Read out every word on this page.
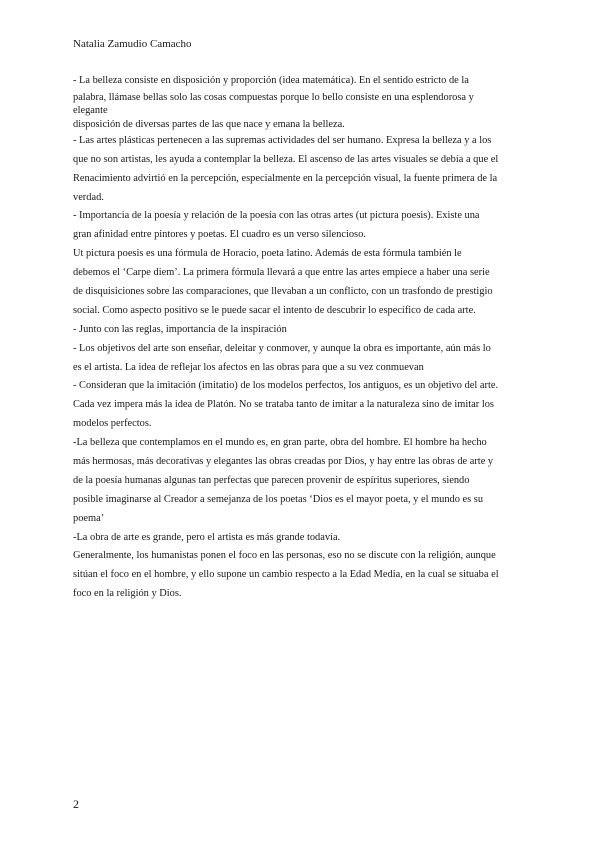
Natalia Zamudio Camacho
- La belleza consiste en disposición y proporción (idea matemática). En el sentido estricto de la
palabra, llámase bellas solo las cosas compuestas porque lo bello consiste en una esplendorosa y
elegante
disposición de diversas partes de las que nace y emana la belleza.
- Las artes plásticas pertenecen a las supremas actividades del ser humano. Expresa la belleza y a los
que no son artistas, les ayuda a contemplar la belleza. El ascenso de las artes visuales se debía a que el
Renacimiento advirtió en la percepción, especialmente en la percepción visual, la fuente primera de la
verdad.
- Importancia de la poesía y relación de la poesía con las otras artes (ut pictura poesis). Existe una
gran afinidad entre pintores y poetas. El cuadro es un verso silencioso.
Ut pictura poesis es una fórmula de Horacio, poeta latino. Además de esta fórmula también le
debemos el ‘Carpe diem’. La primera fórmula llevará a que entre las artes empiece a haber una serie
de disquisiciones sobre las comparaciones, que llevaban a un conflicto, con un trasfondo de prestigio
social. Como aspecto positivo se le puede sacar el intento de descubrir lo específico de cada arte.
- Junto con las reglas, importancia de la inspiración
- Los objetivos del arte son enseñar, deleitar y conmover, y aunque la obra es importante, aún más lo
es el artista. La idea de reflejar los afectos en las obras para que a su vez conmuevan
- Consideran que la imitación (imitatio) de los modelos perfectos, los antiguos, es un objetivo del arte.
Cada vez impera más la idea de Platón. No se trataba tanto de imitar a la naturaleza sino de imitar los
modelos perfectos.
-La belleza que contemplamos en el mundo es, en gran parte, obra del hombre. El hombre ha hecho
más hermosas, más decorativas y elegantes las obras creadas por Dios, y hay entre las obras de arte y
de la poesía humanas algunas tan perfectas que parecen provenir de espíritus superiores, siendo
posible imaginarse al Creador a semejanza de los poetas ‘Dios es el mayor poeta, y el mundo es su
poema’
-La obra de arte es grande, pero el artista es más grande todavía.
Generalmente, los humanistas ponen el foco en las personas, eso no se discute con la religión, aunque
sitúan el foco en el hombre, y ello supone un cambio respecto a la Edad Media, en la cual se situaba el
foco en la religión y Dios.
2
